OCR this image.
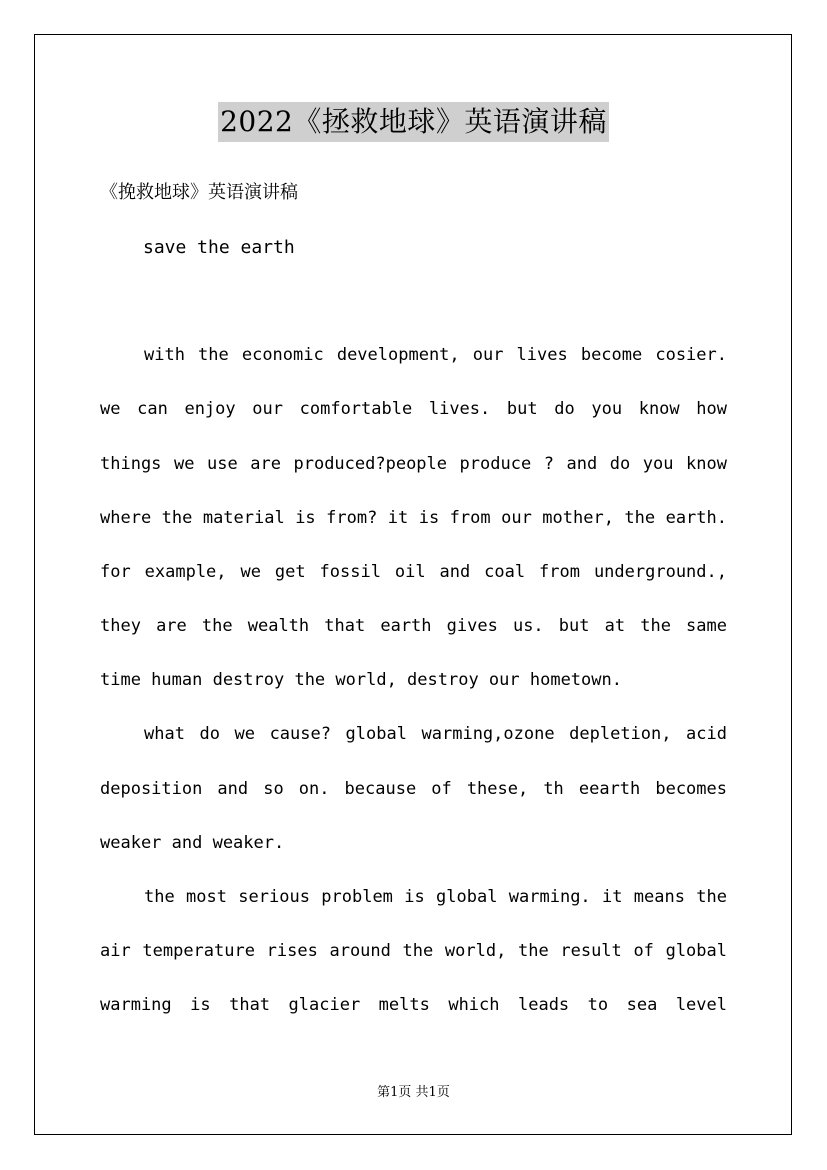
2022《拯救地球》英语演讲稿
《挽救地球》英语演讲稿
save the earth
with the economic development, our lives become cosier.
we can enjoy our comfortable lives. but do you know how
things we use are produced?people produce ? and do you know
where the material is from? it is from our mother, the earth.
for example, we get fossil oil and coal from underground.,
they are the wealth that earth gives us. but at the same
time human destroy the world, destroy our hometown.
what do we cause? global warming,ozone depletion, acid
deposition and so on. because of these, th eearth becomes
weaker and weaker.
the most serious problem is global warming. it means the
air temperature rises around the world, the result of global
warming is that glacier melts which leads to sea level
第1页 共1页
